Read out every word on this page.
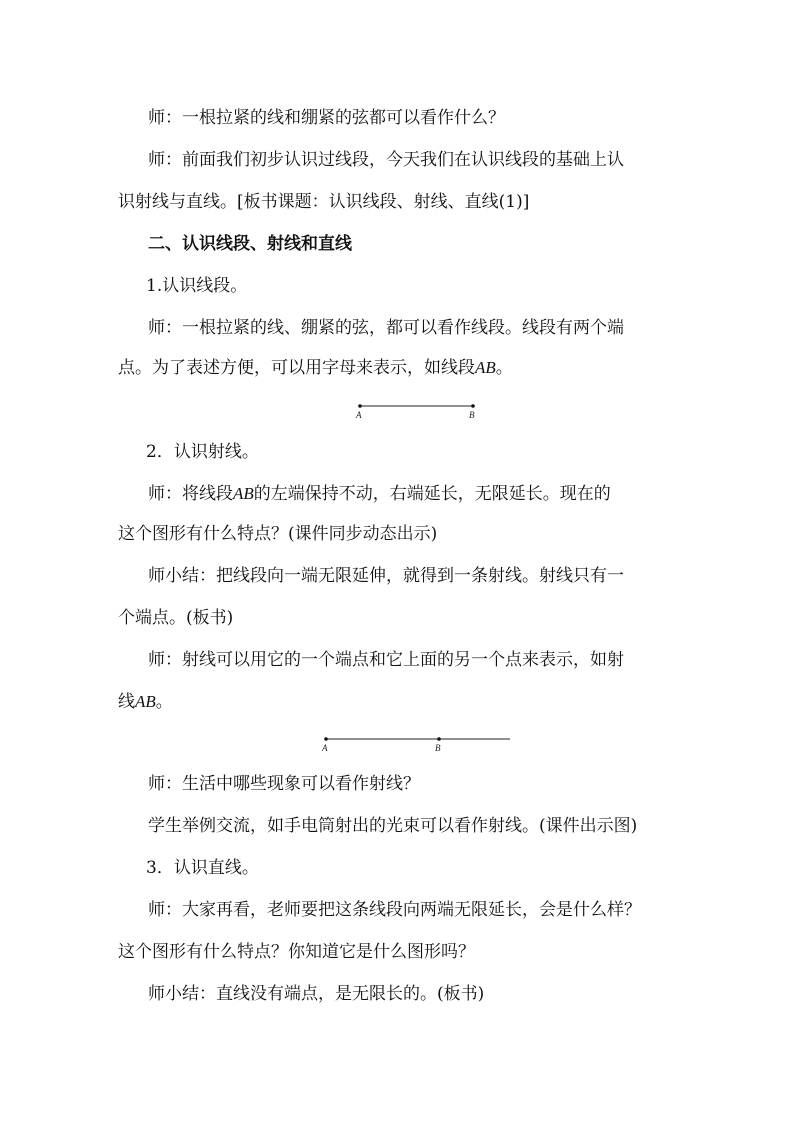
师：一根拉紧的线和绷紧的弦都可以看作什么？
师：前面我们初步认识过线段，今天我们在认识线段的基础上认
识射线与直线。[板书课题：认识线段、射线、直线(1)]
二、认识线段、射线和直线
1.认识线段。
师：一根拉紧的线、绷紧的弦，都可以看作线段。线段有两个端
点。为了表述方便，可以用字母来表示，如线段AB。
A	B
2．认识射线。
师：将线段AB的左端保持不动，右端延长，无限延长。现在的
这个图形有什么特点？(课件同步动态出示)
师小结：把线段向一端无限延伸，就得到一条射线。射线只有一
个端点。(板书)
师：射线可以用它的一个端点和它上面的另一个点来表示，如射
线AB。
A	B
师：生活中哪些现象可以看作射线？
学生举例交流，如手电筒射出的光束可以看作射线。(课件出示图)
3．认识直线。
师：大家再看，老师要把这条线段向两端无限延长，会是什么样？
这个图形有什么特点？你知道它是什么图形吗？
师小结：直线没有端点，是无限长的。(板书)
